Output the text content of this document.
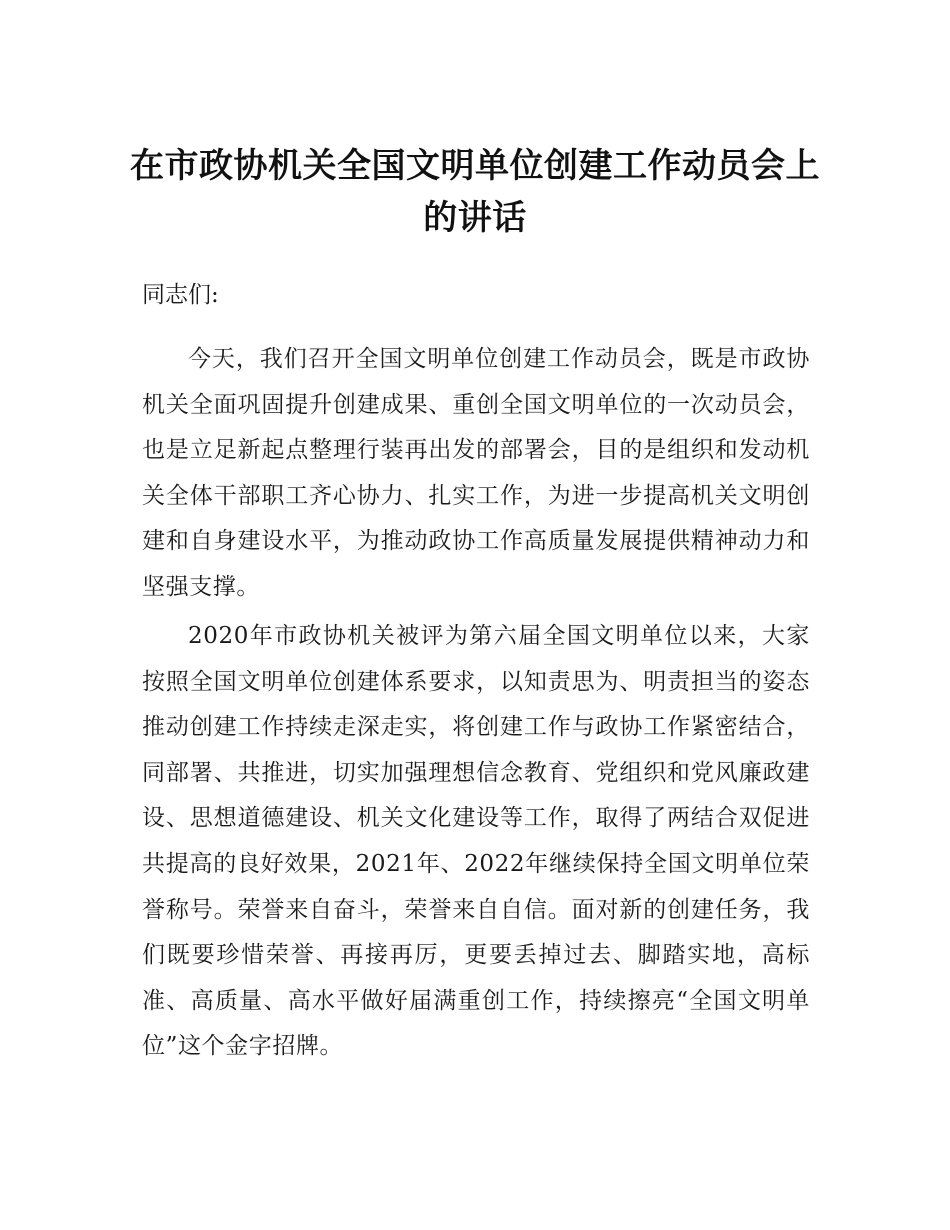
在市政协机关全国文明单位创建工作动员会上的讲话

同志们:

今天，我们召开全国文明单位创建工作动员会，既是市政协机关全面巩固提升创建成果、重创全国文明单位的一次动员会，也是立足新起点整理行装再出发的部署会，目的是组织和发动机关全体干部职工齐心协力、扎实工作，为进一步提高机关文明创建和自身建设水平，为推动政协工作高质量发展提供精神动力和坚强支撑。

2020年市政协机关被评为第六届全国文明单位以来，大家按照全国文明单位创建体系要求，以知责思为、明责担当的姿态推动创建工作持续走深走实，将创建工作与政协工作紧密结合，同部署、共推进，切实加强理想信念教育、党组织和党风廉政建设、思想道德建设、机关文化建设等工作，取得了两结合双促进共提高的良好效果，2021年、2022年继续保持全国文明单位荣誉称号。荣誉来自奋斗，荣誉来自自信。面对新的创建任务，我们既要珍惜荣誉、再接再厉，更要丢掉过去、脚踏实地，高标准、高质量、高水平做好届满重创工作，持续擦亮“全国文明单位”这个金字招牌。
